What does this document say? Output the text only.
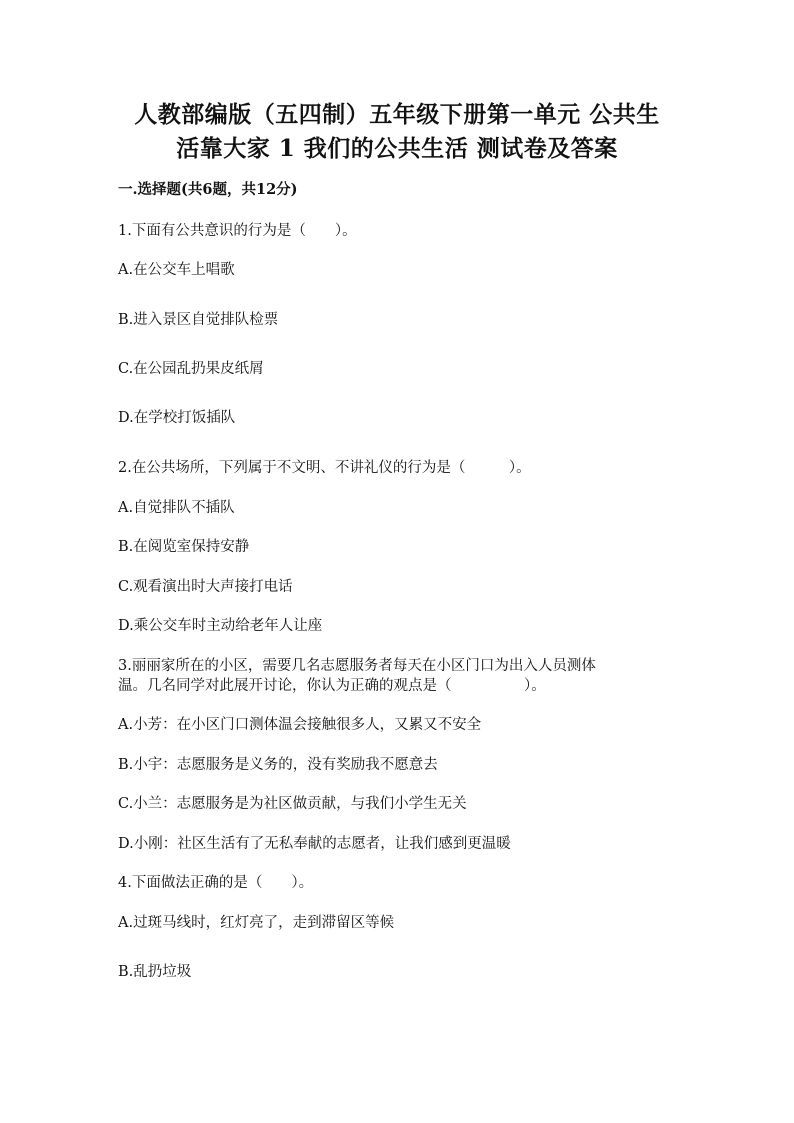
人教部编版（五四制）五年级下册第一单元 公共生
活靠大家 1 我们的公共生活 测试卷及答案
一.选择题(共6题，共12分)
1.下面有公共意识的行为是（　　）。
A.在公交车上唱歌
B.进入景区自觉排队检票
C.在公园乱扔果皮纸屑
D.在学校打饭插队
2.在公共场所，下列属于不文明、不讲礼仪的行为是（　　　）。
A.自觉排队不插队
B.在阅览室保持安静
C.观看演出时大声接打电话
D.乘公交车时主动给老年人让座
3.丽丽家所在的小区，需要几名志愿服务者每天在小区门口为出入人员测体
温。几名同学对此展开讨论，你认为正确的观点是（　　　　　）。
A.小芳：在小区门口测体温会接触很多人，又累又不安全
B.小宇：志愿服务是义务的，没有奖励我不愿意去
C.小兰：志愿服务是为社区做贡献，与我们小学生无关
D.小刚：社区生活有了无私奉献的志愿者，让我们感到更温暖
4.下面做法正确的是（　　）。
A.过斑马线时，红灯亮了，走到滞留区等候
B.乱扔垃圾
